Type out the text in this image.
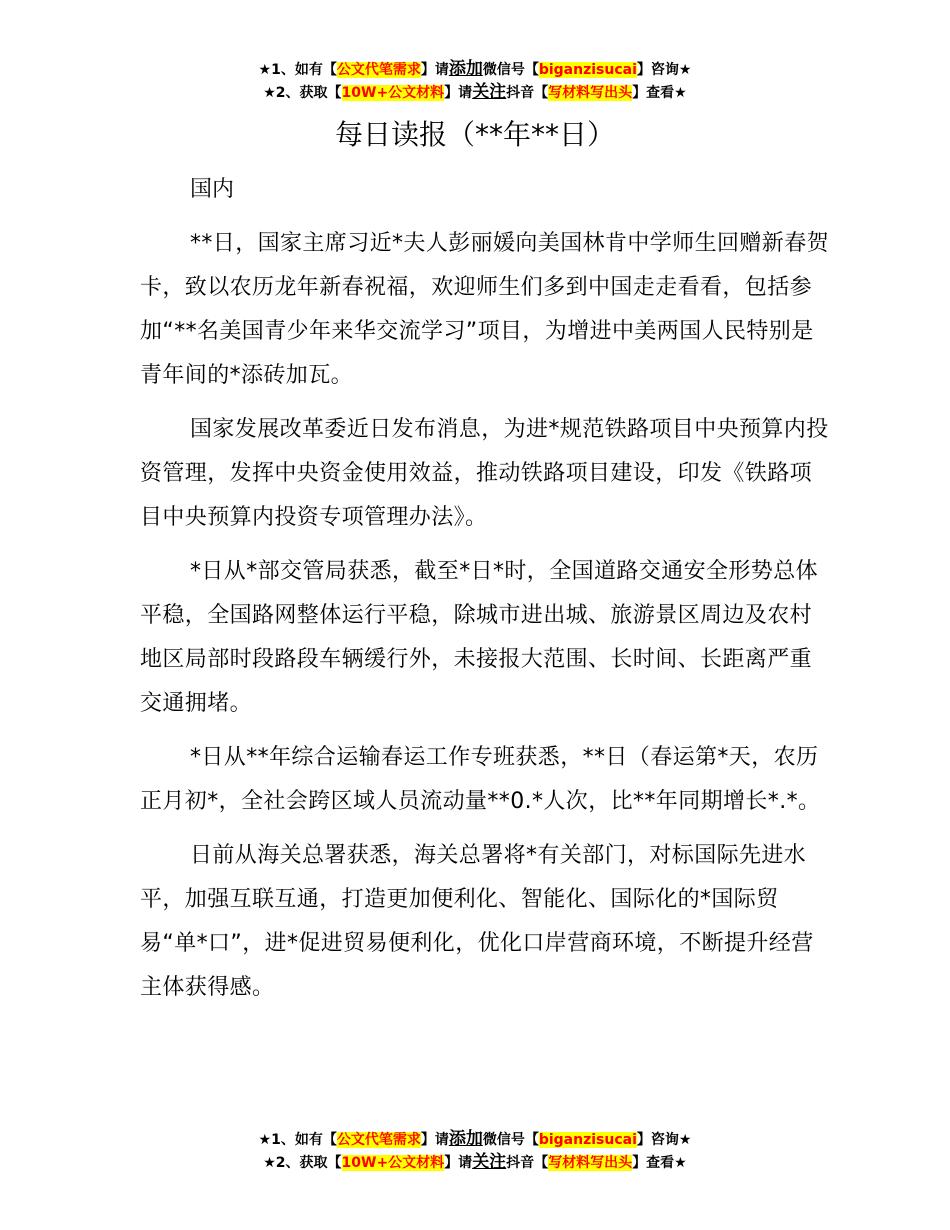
★1、如有【公文代笔需求】请添加微信号【biganzisucai】咨询★
★2、获取【10W+公文材料】请关注抖音【写材料写出头】查看★
每日读报（**年**日）

国内

**日，国家主席习近*夫人彭丽媛向美国林肯中学师生回赠新春贺卡，致以农历龙年新春祝福，欢迎师生们多到中国走走看看，包括参加“**名美国青少年来华交流学习”项目，为增进中美两国人民特别是青年间的*添砖加瓦。

国家发展改革委近日发布消息，为进*规范铁路项目中央预算内投资管理，发挥中央资金使用效益，推动铁路项目建设，印发《铁路项目中央预算内投资专项管理办法》。

*日从*部交管局获悉，截至*日*时，全国道路交通安全形势总体平稳，全国路网整体运行平稳，除城市进出城、旅游景区周边及农村地区局部时段路段车辆缓行外，未接报大范围、长时间、长距离严重交通拥堵。

*日从**年综合运输春运工作专班获悉，**日（春运第*天，农历正月初*，全社会跨区域人员流动量**0.*人次，比**年同期增长*.*。

日前从海关总署获悉，海关总署将*有关部门，对标国际先进水平，加强互联互通，打造更加便利化、智能化、国际化的*国际贸易“单*口”，进*促进贸易便利化，优化口岸营商环境，不断提升经营主体获得感。

★1、如有【公文代笔需求】请添加微信号【biganzisucai】咨询★
★2、获取【10W+公文材料】请关注抖音【写材料写出头】查看★
